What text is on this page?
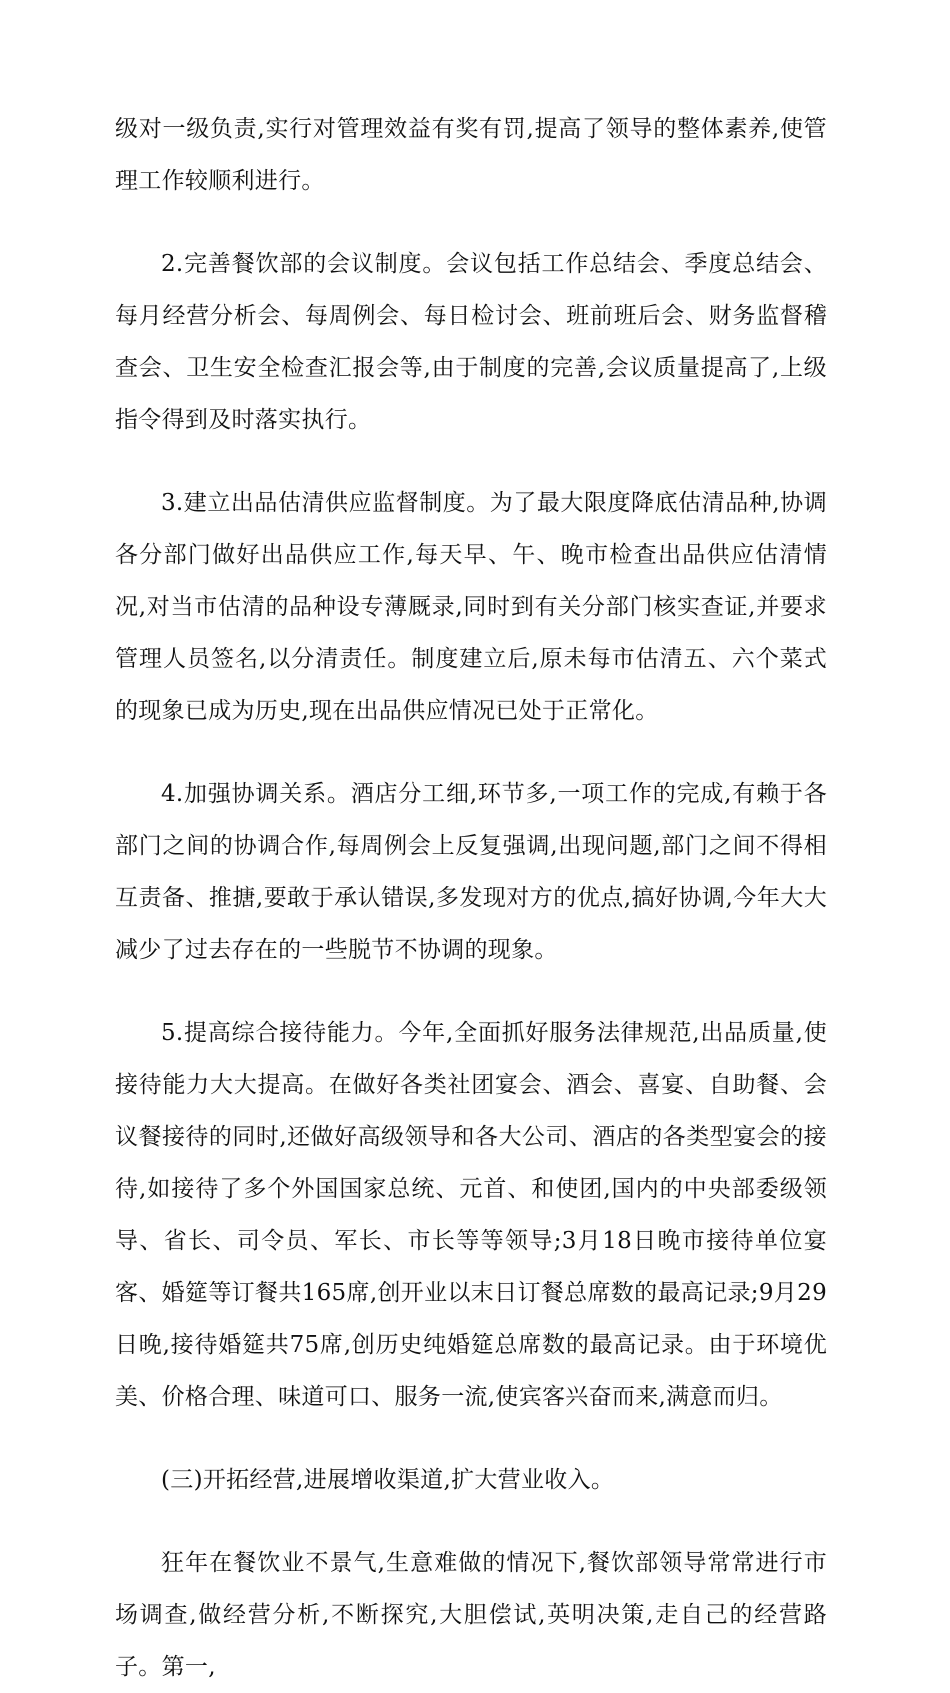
级对一级负责,实行对管理效益有奖有罚,提高了领导的整体素养,使管理工作较顺利进行。

2.完善餐饮部的会议制度。会议包括工作总结会、季度总结会、每月经营分析会、每周例会、每日检讨会、班前班后会、财务监督稽查会、卫生安全检查汇报会等,由于制度的完善,会议质量提高了,上级指令得到及时落实执行。

3.建立出品估清供应监督制度。为了最大限度降底估清品种,协调各分部门做好出品供应工作,每天早、午、晚市检查出品供应估清情况,对当市估清的品种设专薄厩录,同时到有关分部门核实查证,并要求管理人员签名,以分清责任。制度建立后,原未每市估清五、六个菜式的现象已成为历史,现在出品供应情况已处于正常化。

4.加强协调关系。酒店分工细,环节多,一项工作的完成,有赖于各部门之间的协调合作,每周例会上反复强调,出现问题,部门之间不得相互责备、推搪,要敢于承认错误,多发现对方的优点,搞好协调,今年大大减少了过去存在的一些脱节不协调的现象。

5.提高综合接待能力。今年,全面抓好服务法律规范,出品质量,使接待能力大大提高。在做好各类社团宴会、酒会、喜宴、自助餐、会议餐接待的同时,还做好高级领导和各大公司、酒店的各类型宴会的接待,如接待了多个外国国家总统、元首、和使团,国内的中央部委级领导、省长、司令员、军长、市长等等领导;3月18日晚市接待单位宴客、婚筵等订餐共165席,创开业以末日订餐总席数的最高记录;9月29日晚,接待婚筵共75席,创历史纯婚筵总席数的最高记录。由于环境优美、价格合理、味道可口、服务一流,使宾客兴奋而来,满意而归。

(三)开拓经营,进展增收渠道,扩大营业收入。

狂年在餐饮业不景气,生意难做的情况下,餐饮部领导常常进行市场调查,做经营分析,不断探究,大胆偿试,英明决策,走自己的经营路子。第一,
